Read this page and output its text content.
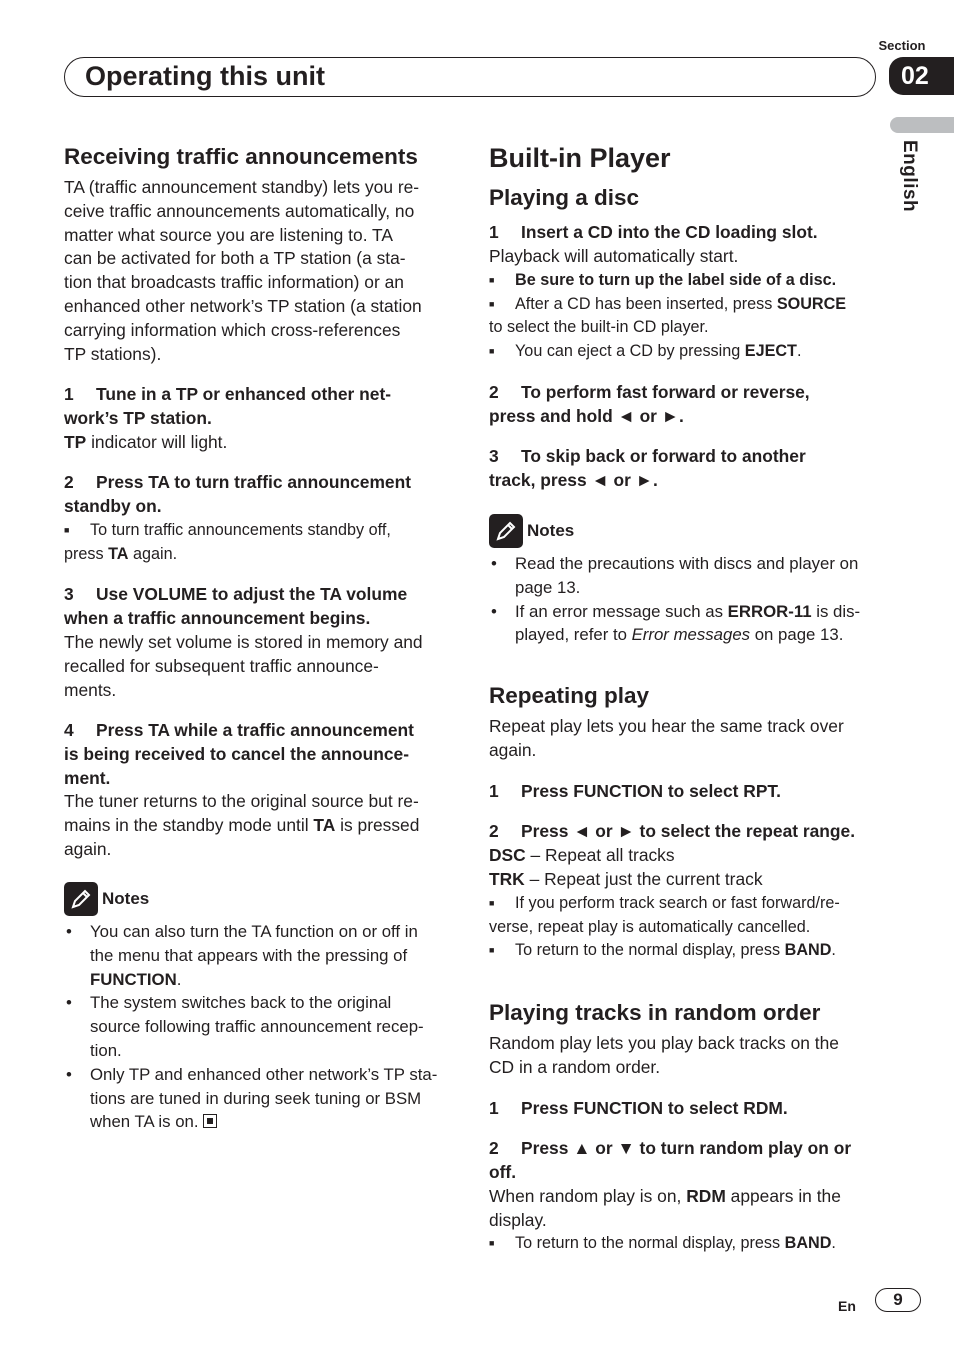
Section
02
Operating this unit
English
Receiving traffic announcements
TA (traffic announcement standby) lets you re-
ceive traffic announcements automatically, no
matter what source you are listening to. TA
can be activated for both a TP station (a sta-
tion that broadcasts traffic information) or an
enhanced other network’s TP station (a station
carrying information which cross-references
TP stations).
1 Tune in a TP or enhanced other net-
work’s TP station.
TP indicator will light.
2 Press TA to turn traffic announcement
standby on.
■ To turn traffic announcements standby off,
press TA again.
3 Use VOLUME to adjust the TA volume
when a traffic announcement begins.
The newly set volume is stored in memory and
recalled for subsequent traffic announce-
ments.
4 Press TA while a traffic announcement
is being received to cancel the announce-
ment.
The tuner returns to the original source but re-
mains in the standby mode until TA is pressed
again.
Notes
• You can also turn the TA function on or off in
the menu that appears with the pressing of
FUNCTION.
• The system switches back to the original
source following traffic announcement recep-
tion.
• Only TP and enhanced other network’s TP sta-
tions are tuned in during seek tuning or BSM
when TA is on.
Built-in Player
Playing a disc
1 Insert a CD into the CD loading slot.
Playback will automatically start.
■ Be sure to turn up the label side of a disc.
■ After a CD has been inserted, press SOURCE
to select the built-in CD player.
■ You can eject a CD by pressing EJECT.
2 To perform fast forward or reverse,
press and hold ◄ or ►.
3 To skip back or forward to another
track, press ◄ or ►.
Notes
• Read the precautions with discs and player on
page 13.
• If an error message such as ERROR-11 is dis-
played, refer to Error messages on page 13.
Repeating play
Repeat play lets you hear the same track over
again.
1 Press FUNCTION to select RPT.
2 Press ◄ or ► to select the repeat range.
DSC – Repeat all tracks
TRK – Repeat just the current track
■ If you perform track search or fast forward/re-
verse, repeat play is automatically cancelled.
■ To return to the normal display, press BAND.
Playing tracks in random order
Random play lets you play back tracks on the
CD in a random order.
1 Press FUNCTION to select RDM.
2 Press ▲ or ▼ to turn random play on or
off.
When random play is on, RDM appears in the
display.
■ To return to the normal display, press BAND.
En	9
